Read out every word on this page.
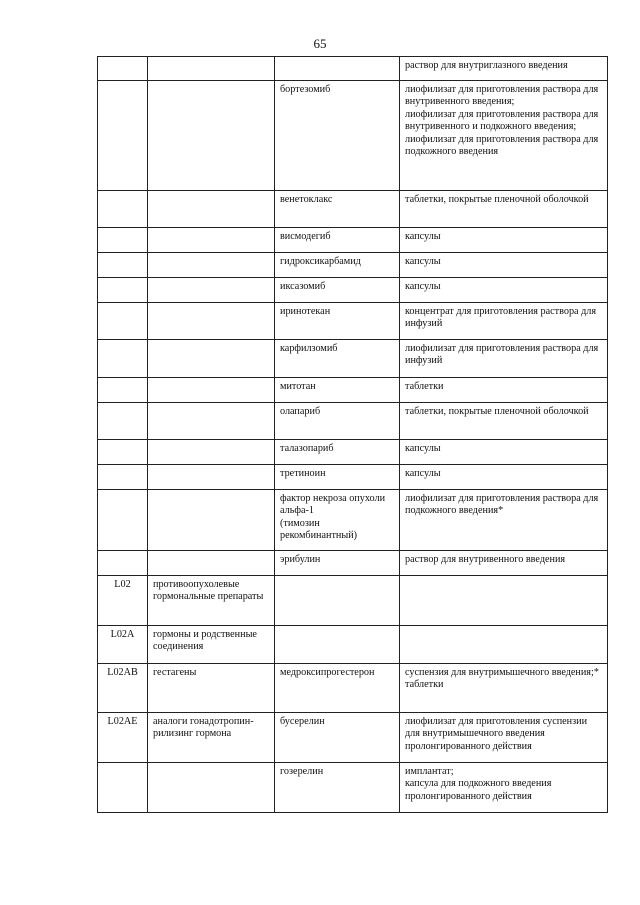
65
			раствор для внутриглазного введения
		бортезомиб	лиофилизат для приготовления раствора для внутривенного введения;
лиофилизат для приготовления раствора для внутривенного и подкожного введения;
лиофилизат для приготовления раствора для подкожного введения
		венетоклакс	таблетки, покрытые пленочной оболочкой
		висмодегиб	капсулы
		гидроксикарбамид	капсулы
		иксазомиб	капсулы
		иринотекан	концентрат для приготовления раствора для инфузий
		карфилзомиб	лиофилизат для приготовления раствора для инфузий
		митотан	таблетки
		олапариб	таблетки, покрытые пленочной оболочкой
		талазопариб	капсулы
		третиноин	капсулы
		фактор некроза опухоли альфа-1
(тимозин рекомбинантный)	лиофилизат для приготовления раствора для подкожного введения*
		эрибулин	раствор для внутривенного введения
L02	противоопухолевые гормональные препараты		
L02A	гормоны и родственные соединения		
L02AB	гестагены	медроксипрогестерон	суспензия для внутримышечного введения;*
таблетки
L02AE	аналоги гонадотропин-рилизинг гормона	бусерелин	лиофилизат для приготовления суспензии для внутримышечного введения пролонгированного действия
		гозерелин	имплантат;
капсула для подкожного введения пролонгированного действия
